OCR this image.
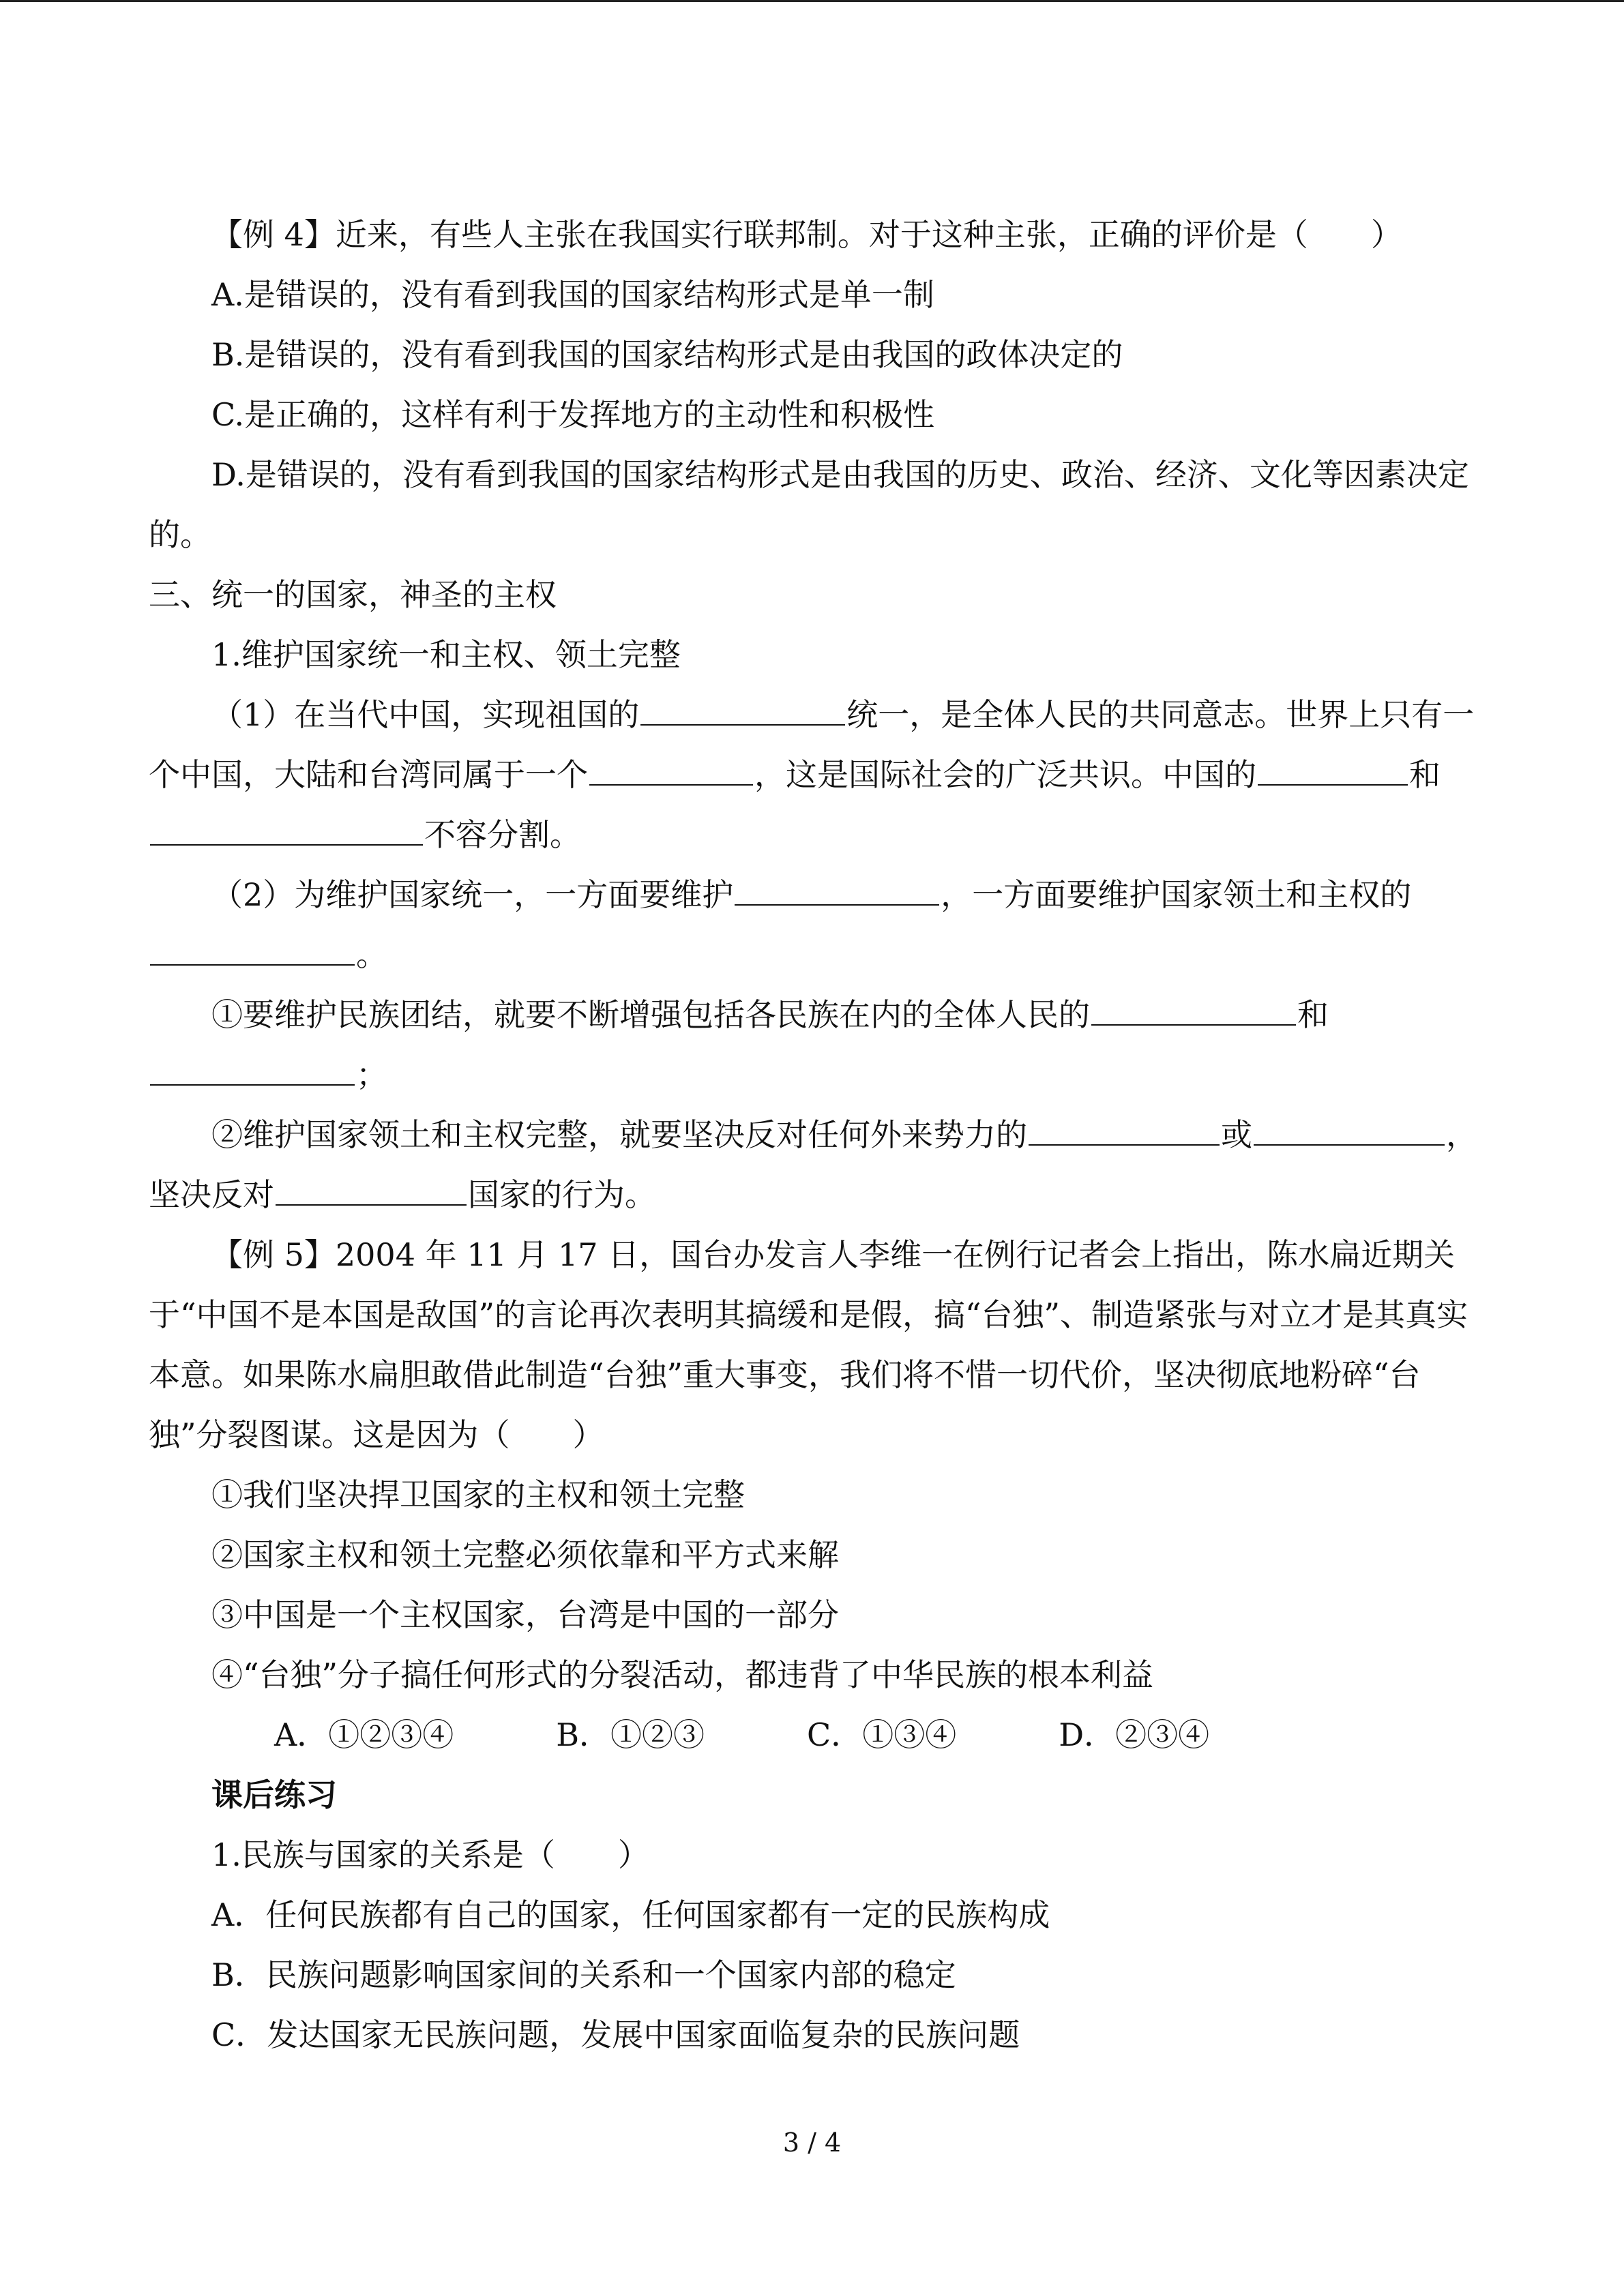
【例 4】近来，有些人主张在我国实行联邦制。对于这种主张，正确的评价是（　　）

A.是错误的，没有看到我国的国家结构形式是单一制

B.是错误的，没有看到我国的国家结构形式是由我国的政体决定的

C.是正确的，这样有利于发挥地方的主动性和积极性

D.是错误的，没有看到我国的国家结构形式是由我国的历史、政治、经济、文化等因素决定的。

三、统一的国家，神圣的主权

1.维护国家统一和主权、领土完整

（1）在当代中国，实现祖国的	统一，是全体人民的共同意志。世界上只有一个中国，大陆和台湾同属于一个	，这是国际社会的广泛共识。中国的	和不容分割。

（2）为维护国家统一，一方面要维护	，一方面要维护国家领土和主权的。

①要维护民族团结，就要不断增强包括各民族在内的全体人民的	和；

②维护国家领土和主权完整，就要坚决反对任何外来势力的	或	，坚决反对	国家的行为。

【例 5】2004 年 11 月 17 日，国台办发言人李维一在例行记者会上指出，陈水扁近期关于“中国不是本国是敌国”的言论再次表明其搞缓和是假，搞“台独”、制造紧张与对立才是其真实本意。如果陈水扁胆敢借此制造“台独”重大事变，我们将不惜一切代价，坚决彻底地粉碎“台独”分裂图谋。这是因为（　　）

①我们坚决捍卫国家的主权和领土完整

②国家主权和领土完整必须依靠和平方式来解

③中国是一个主权国家，台湾是中国的一部分

④“台独”分子搞任何形式的分裂活动，都违背了中华民族的根本利益

A．①②③④	B．①②③	C．①③④	D．②③④

课后练习

1.民族与国家的关系是（　　）

A．任何民族都有自己的国家，任何国家都有一定的民族构成

B．民族问题影响国家间的关系和一个国家内部的稳定

C．发达国家无民族问题，发展中国家面临复杂的民族问题

3 / 4
